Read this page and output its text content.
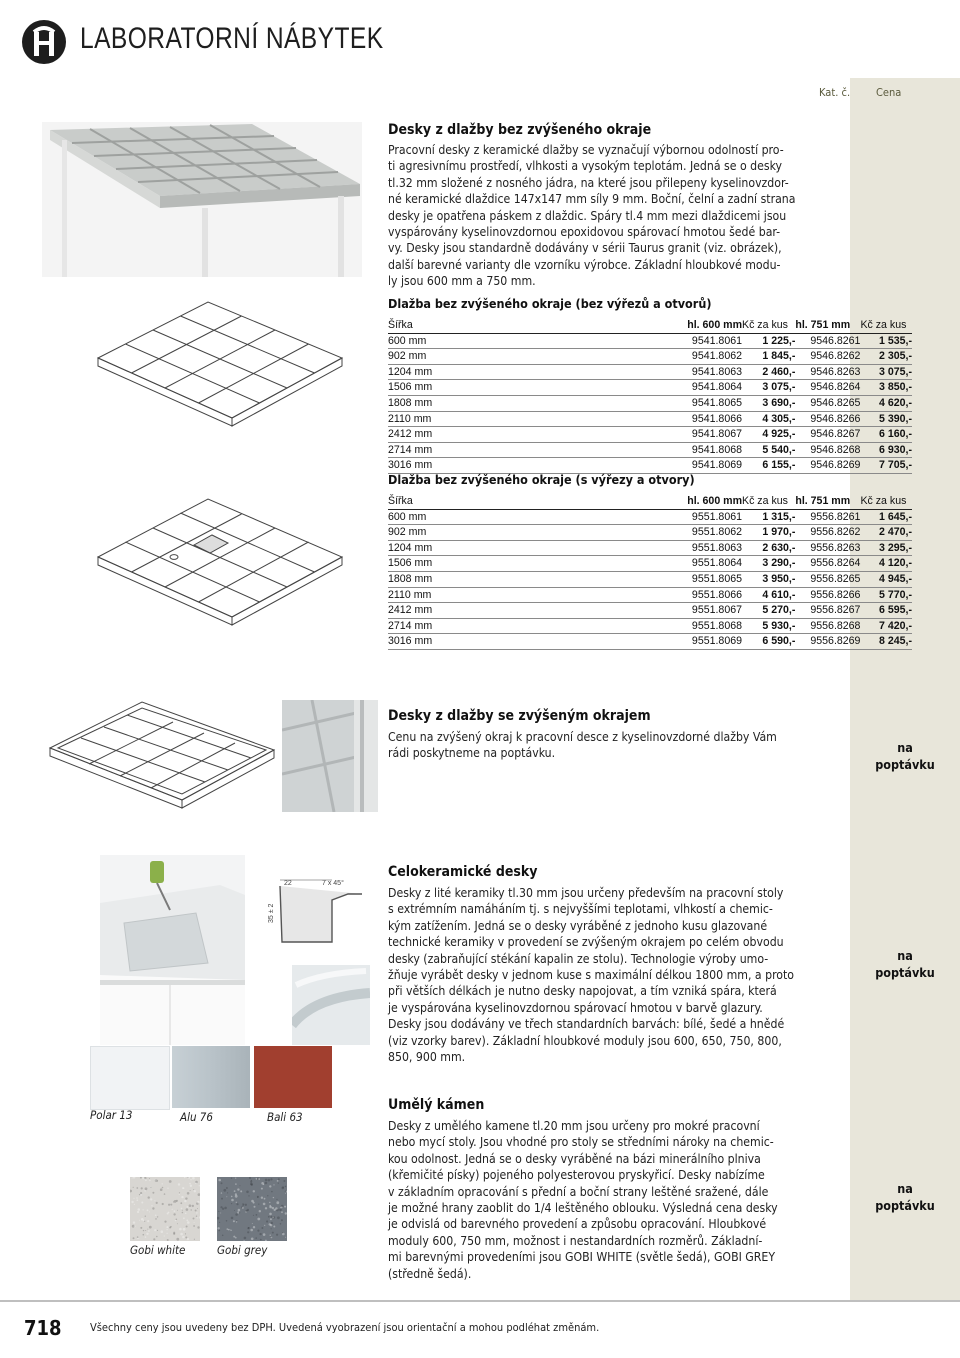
LABORATORNÍ NÁBYTEK
Kat. č. Cena
Desky z dlažby bez zvýšeného okraje
Pracovní desky z keramické dlažby se vyznačují výbornou odolností pro-
ti agresivnímu prostředí, vlhkosti a vysokým teplotám. Jedná se o desky
tl.32 mm složené z nosného jádra, na které jsou přilepeny kyselinovzdor-
né keramické dlaždice 147x147 mm síly 9 mm. Boční, čelní a zadní strana
desky je opatřena páskem z dlaždic. Spáry tl.4 mm mezi dlaždicemi jsou
vyspárovány kyselinovzdornou epoxidovou spárovací hmotou šedé bar-
vy. Desky jsou standardně dodávány v sérii Taurus granit (viz. obrázek),
další barevné varianty dle vzorníku výrobce. Základní hloubkové modu-
ly jsou 600 mm a 750 mm.
Dlažba bez zvýšeného okraje (bez výřezů a otvorů)
Šířka	hl. 600 mm	Kč za kus	hl. 751 mm	Kč za kus
600 mm	9541.8061	1 225,-	9546.8261	1 535,-
902 mm	9541.8062	1 845,-	9546.8262	2 305,-
1204 mm	9541.8063	2 460,-	9546.8263	3 075,-
1506 mm	9541.8064	3 075,-	9546.8264	3 850,-
1808 mm	9541.8065	3 690,-	9546.8265	4 620,-
2110 mm	9541.8066	4 305,-	9546.8266	5 390,-
2412 mm	9541.8067	4 925,-	9546.8267	6 160,-
2714 mm	9541.8068	5 540,-	9546.8268	6 930,-
3016 mm	9541.8069	6 155,-	9546.8269	7 705,-
Dlažba bez zvýšeného okraje (s výřezy a otvory)
Šířka	hl. 600 mm	Kč za kus	hl. 751 mm	Kč za kus
600 mm	9551.8061	1 315,-	9556.8261	1 645,-
902 mm	9551.8062	1 970,-	9556.8262	2 470,-
1204 mm	9551.8063	2 630,-	9556.8263	3 295,-
1506 mm	9551.8064	3 290,-	9556.8264	4 120,-
1808 mm	9551.8065	3 950,-	9556.8265	4 945,-
2110 mm	9551.8066	4 610,-	9556.8266	5 770,-
2412 mm	9551.8067	5 270,-	9556.8267	6 595,-
2714 mm	9551.8068	5 930,-	9556.8268	7 420,-
3016 mm	9551.8069	6 590,-	9556.8269	8 245,-
Desky z dlažby se zvýšeným okrajem
Cenu na zvýšený okraj k pracovní desce z kyselinovzdorné dlažby Vám
rádi poskytneme na poptávku.	na
poptávku
22	7 x 45°
35 ± 2
Celokeramické desky
Desky z lité keramiky tl.30 mm jsou určeny především na pracovní stoly
s extrémním namáháním tj. s nejvyššími teplotami, vlhkostí a chemic-
kým zatížením. Jedná se o desky vyráběné z jednoho kusu glazované
technické keramiky v provedení se zvýšeným okrajem po celém obvodu
desky (zabraňující stékání kapalin ze stolu). Technologie výroby umo-
žňuje vyrábět desky v jednom kuse s maximální délkou 1800 mm, a proto
při větších délkách je nutno desky napojovat, a tím vzniká spára, která
je vyspárována kyselinovzdornou spárovací hmotou v barvě glazury.
Desky jsou dodávány ve třech standardních barvách: bílé, šedé a hnědé
(viz vzorky barev). Základní hloubkové moduly jsou 600, 650, 750, 800,
850, 900 mm.
na
poptávku
Polar 13	Alu 76	Bali 63
Gobi white	Gobi grey
Umělý kámen
Desky z umělého kamene tl.20 mm jsou určeny pro mokré pracovní
nebo mycí stoly. Jsou vhodné pro stoly se středními nároky na chemic-
kou odolnost. Jedná se o desky vyráběné na bázi minerálního plniva
(křemičité písky) pojeného polyesterovou pryskyřicí. Desky nabízíme
v základním opracování s přední a boční strany leštěné sražené, dále
je možné hrany zaoblit do 1/4 leštěného oblouku. Výsledná cena desky
je odvislá od barevného provedení a způsobu opracování. Hloubkové
moduly 600, 750 mm, možnost i nestandardních rozměrů. Základní-
mi barevnými provedeními jsou GOBI WHITE (světle šedá), GOBI GREY
(středně šedá).
na
poptávku
718	Všechny ceny jsou uvedeny bez DPH. Uvedená vyobrazení jsou orientační a mohou podléhat změnám.
